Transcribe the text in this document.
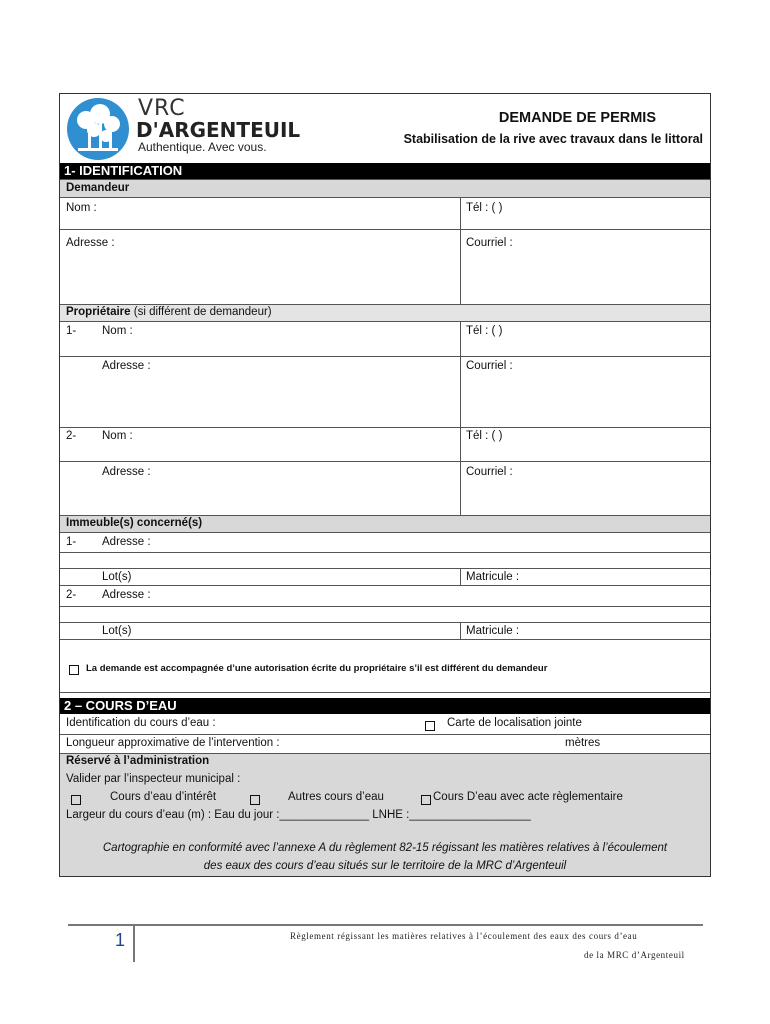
VRC
D'ARGENTEUIL
Authentique. Avec vous.
DEMANDE DE PERMIS
Stabilisation de la rive avec travaux dans le littoral
1- IDENTIFICATION
Demandeur
Nom :	Tél : ( )
Adresse :	Courriel :
Propriétaire (si différent de demandeur)
1- Nom :	Tél : ( )
Adresse :	Courriel :
2- Nom :	Tél : ( )
Adresse :	Courriel :
Immeuble(s) concerné(s)
1- Adresse :
Lot(s)	Matricule :
2- Adresse :
Lot(s)	Matricule :
La demande est accompagnée d’une autorisation écrite du propriétaire s’il est différent du demandeur
2 – COURS D’EAU
Identification du cours d’eau :	Carte de localisation jointe
Longueur approximative de l’intervention :	mètres
Réservé à l’administration
Valider par l’inspecteur municipal :
Cours d’eau d’intérêt	Autres cours d’eau	Cours D’eau avec acte règlementaire
Largeur du cours d’eau (m) : Eau du jour :______________ LNHE :___________________
Cartographie en conformité avec l’annexe A du règlement 82-15 régissant les matières relatives à l’écoulement
des eaux des cours d’eau situés sur le territoire de la MRC d’Argenteuil
1	Règlement régissant les matières relatives à l’écoulement des eaux des cours d’eau
de la MRC d’Argenteuil
